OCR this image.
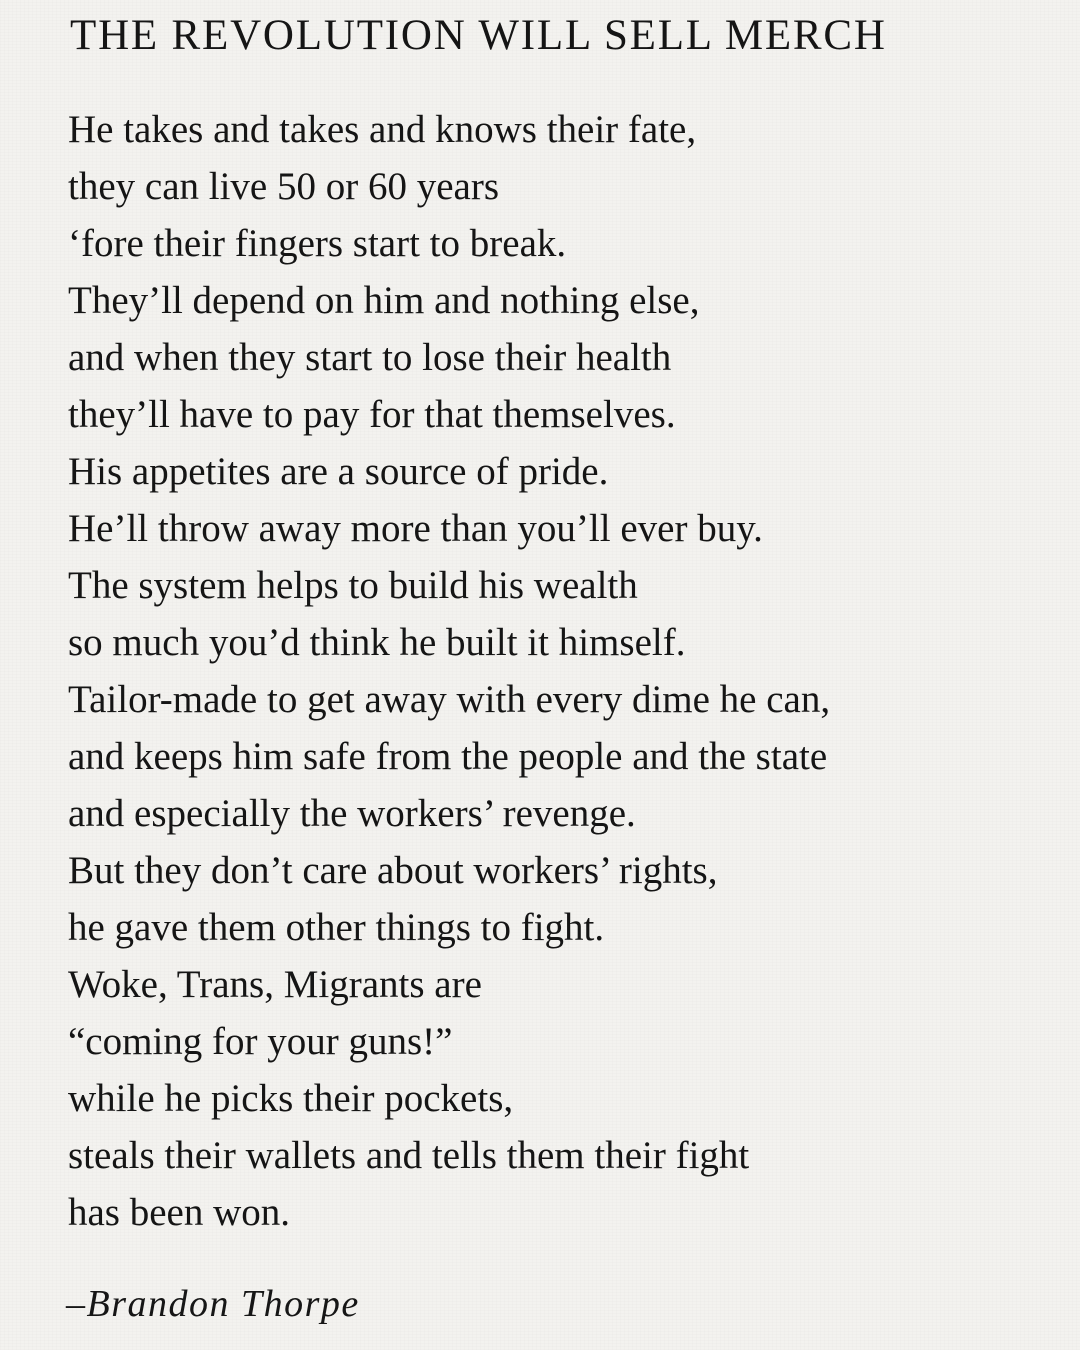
THE REVOLUTION WILL SELL MERCH
He takes and takes and knows their fate,
they can live 50 or 60 years
‘fore their fingers start to break.
They’ll depend on him and nothing else,
and when they start to lose their health
they’ll have to pay for that themselves.
His appetites are a source of pride.
He’ll throw away more than you’ll ever buy.
The system helps to build his wealth
so much you’d think he built it himself.
Tailor-made to get away with every dime he can,
and keeps him safe from the people and the state
and especially the workers’ revenge.
But they don’t care about workers’ rights,
he gave them other things to fight.
Woke, Trans, Migrants are
“coming for your guns!”
while he picks their pockets,
steals their wallets and tells them their fight
has been won.

–Brandon Thorpe
